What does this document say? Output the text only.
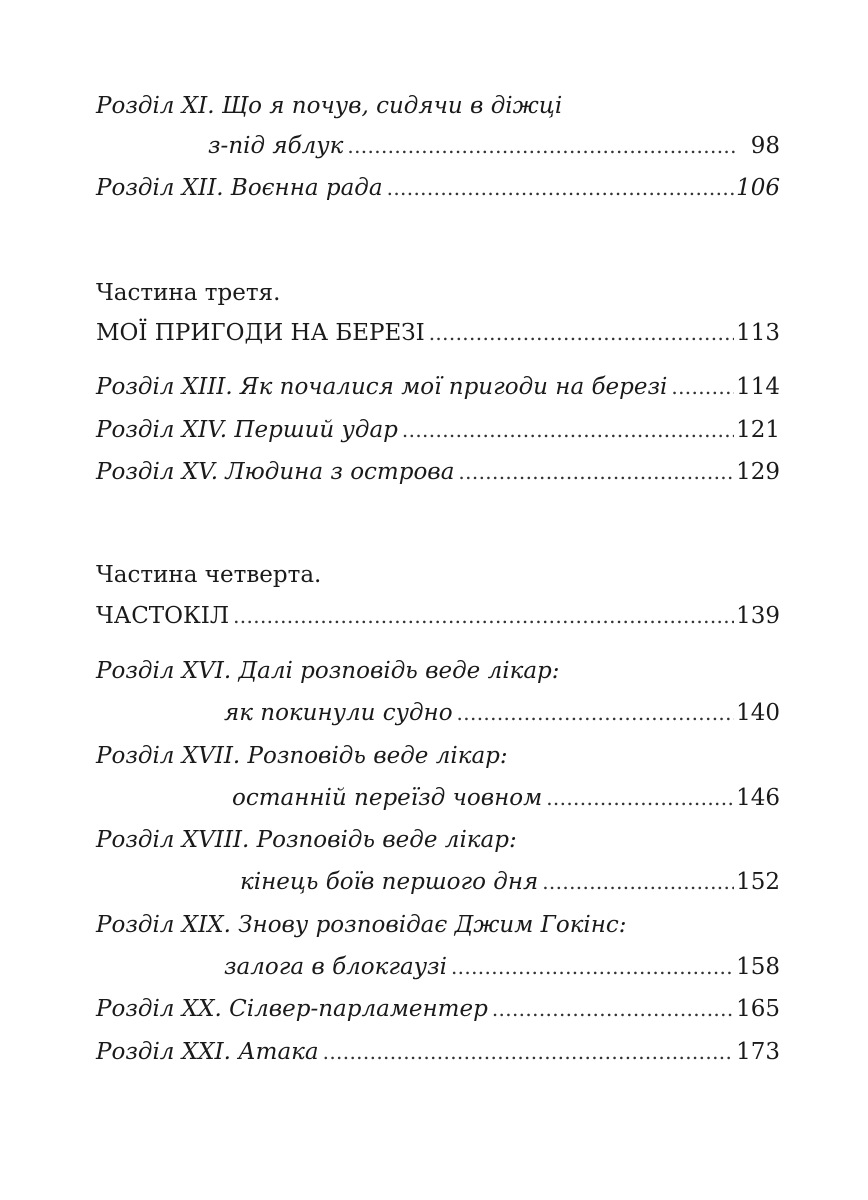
Розділ XI. Що я почув, сидячи в діжці
з-під яблук . . .	98
Розділ XII. Воєнна рада . . .	106
Частина третя.
МОЇ ПРИГОДИ НА БЕРЕЗІ . . .	113
Розділ XIII. Як почалися мої пригоди на березі . . .	114
Розділ XIV. Перший удар . . .	121
Розділ XV. Людина з острова . . .	129
Частина четверта.
ЧАСТОКІЛ . . .	139
Розділ XVI. Далі розповідь веде лікар:
як покинули судно . . .	140
Розділ XVII. Розповідь веде лікар:
останній переїзд човном . . .	146
Розділ XVIII. Розповідь веде лікар:
кінець боїв першого дня . . .	152
Розділ XIX. Знову розповідає Джим Гокінс:
залога в блокгаузі . . .	158
Розділ XX. Сілвер-парламентер . . .	165
Розділ XXI. Атака . . .	173
